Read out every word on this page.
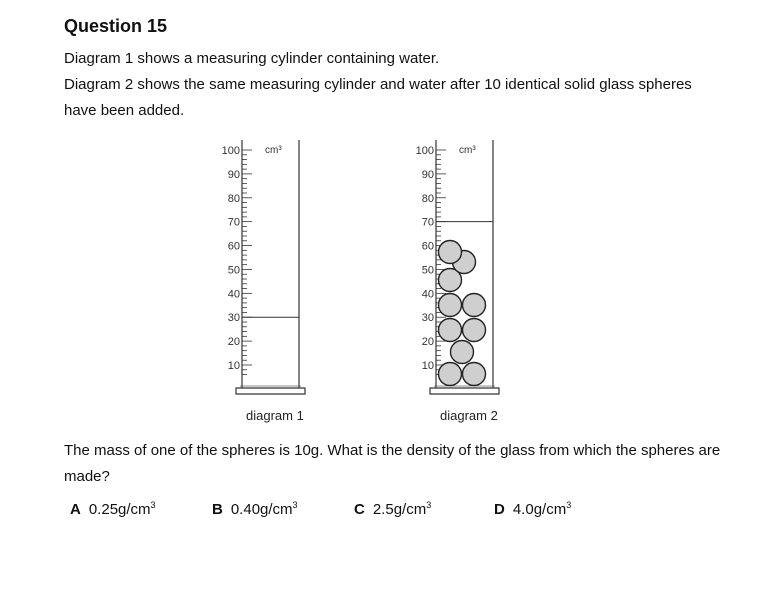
Question 15
Diagram 1 shows a measuring cylinder containing water.
Diagram 2 shows the same measuring cylinder and water after 10 identical solid glass spheres have been added.
100
90
80
70
60
50
40
30
20
10
cm³	100
90
80
70
60
50
40
30
20
10
cm³
diagram 1	diagram 2
The mass of one of the spheres is 10g. What is the density of the glass from which the spheres are made?
A $0.25g/cm^3$	B $0.40g/cm^3$	C $2.5g/cm^3$	D $4.0g/cm^3$
